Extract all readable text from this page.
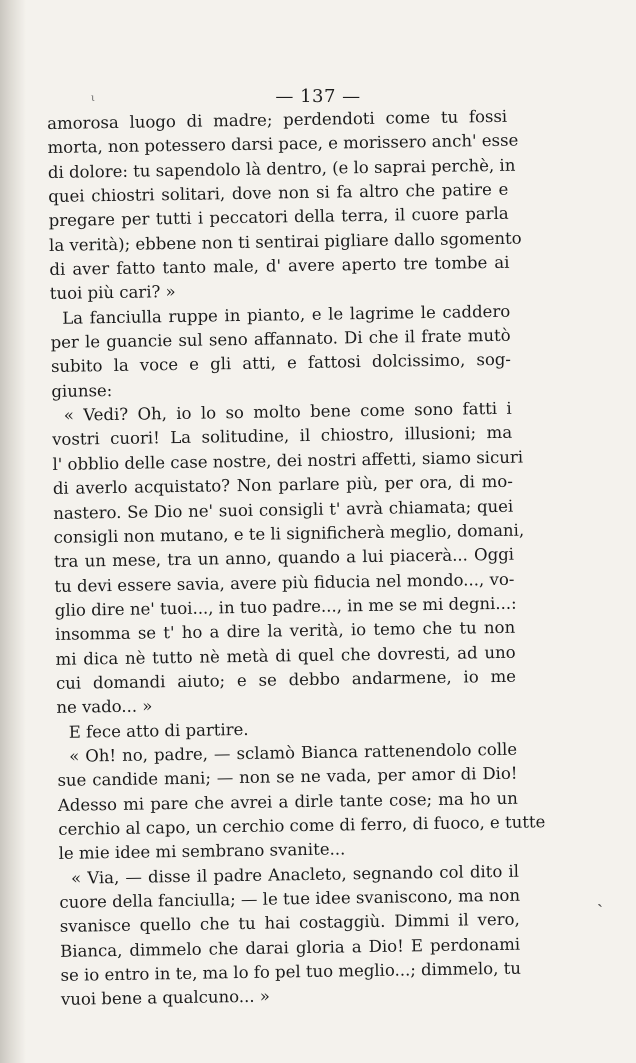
ι	— 137 —
amorosa luogo di madre; perdendoti come tu fossi
morta, non potessero darsi pace, e morissero anch' esse
di dolore: tu sapendolo là dentro, (e lo saprai perchè, in
quei chiostri solitari, dove non si fa altro che patire e
pregare per tutti i peccatori della terra, il cuore parla
la verità); ebbene non ti sentirai pigliare dallo sgomento
di aver fatto tanto male, d' avere aperto tre tombe ai
tuoi più cari? »
La fanciulla ruppe in pianto, e le lagrime le caddero
per le guancie sul seno affannato. Di che il frate mutò
subito la voce e gli atti, e fattosi dolcissimo, sog-
giunse:
« Vedi? Oh, io lo so molto bene come sono fatti i
vostri cuori! La solitudine, il chiostro, illusioni; ma
l' obblio delle case nostre, dei nostri affetti, siamo sicuri
di averlo acquistato? Non parlare più, per ora, di mo-
nastero. Se Dio ne' suoi consigli t' avrà chiamata; quei
consigli non mutano, e te li significherà meglio, domani,
tra un mese, tra un anno, quando a lui piacerà... Oggi
tu devi essere savia, avere più fiducia nel mondo..., vo-
glio dire ne' tuoi..., in tuo padre..., in me se mi degni...:
insomma se t' ho a dire la verità, io temo che tu non
mi dica nè tutto nè metà di quel che dovresti, ad uno
cui domandi aiuto; e se debbo andarmene, io me
ne vado... »
E fece atto di partire.
« Oh! no, padre, — sclamò Bianca rattenendolo colle
sue candide mani; — non se ne vada, per amor di Dio!
Adesso mi pare che avrei a dirle tante cose; ma ho un
cerchio al capo, un cerchio come di ferro, di fuoco, e tutte
le mie idee mi sembrano svanite...
« Via, — disse il padre Anacleto, segnando col dito il
cuore della fanciulla; — le tue idee svaniscono, ma non
svanisce quello che tu hai costaggiù. Dimmi il vero,
Bianca, dimmelo che darai gloria a Dio! E perdonami
se io entro in te, ma lo fo pel tuo meglio...; dimmelo, tu
vuoi bene a qualcuno... »
ˎ
